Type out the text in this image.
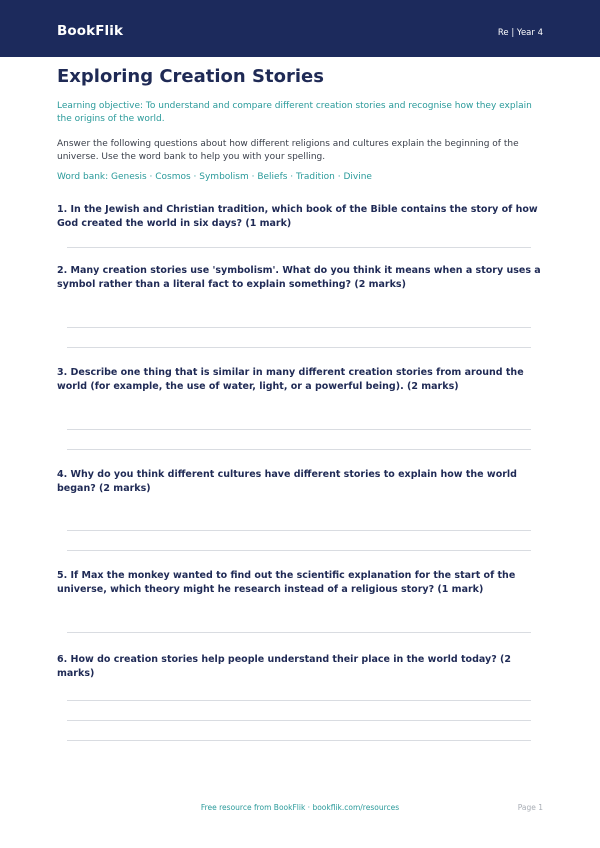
BookFlik	Re | Year 4
Exploring Creation Stories
Learning objective: To understand and compare different creation stories and recognise how they explain the origins of the world.
Answer the following questions about how different religions and cultures explain the beginning of the universe. Use the word bank to help you with your spelling.
Word bank: Genesis · Cosmos · Symbolism · Beliefs · Tradition · Divine
1. In the Jewish and Christian tradition, which book of the Bible contains the story of how God created the world in six days? (1 mark)
2. Many creation stories use 'symbolism'. What do you think it means when a story uses a symbol rather than a literal fact to explain something? (2 marks)
3. Describe one thing that is similar in many different creation stories from around the world (for example, the use of water, light, or a powerful being). (2 marks)
4. Why do you think different cultures have different stories to explain how the world began? (2 marks)
5. If Max the monkey wanted to find out the scientific explanation for the start of the universe, which theory might he research instead of a religious story? (1 mark)
6. How do creation stories help people understand their place in the world today? (2 marks)
Free resource from BookFlik · bookflik.com/resources	Page 1
